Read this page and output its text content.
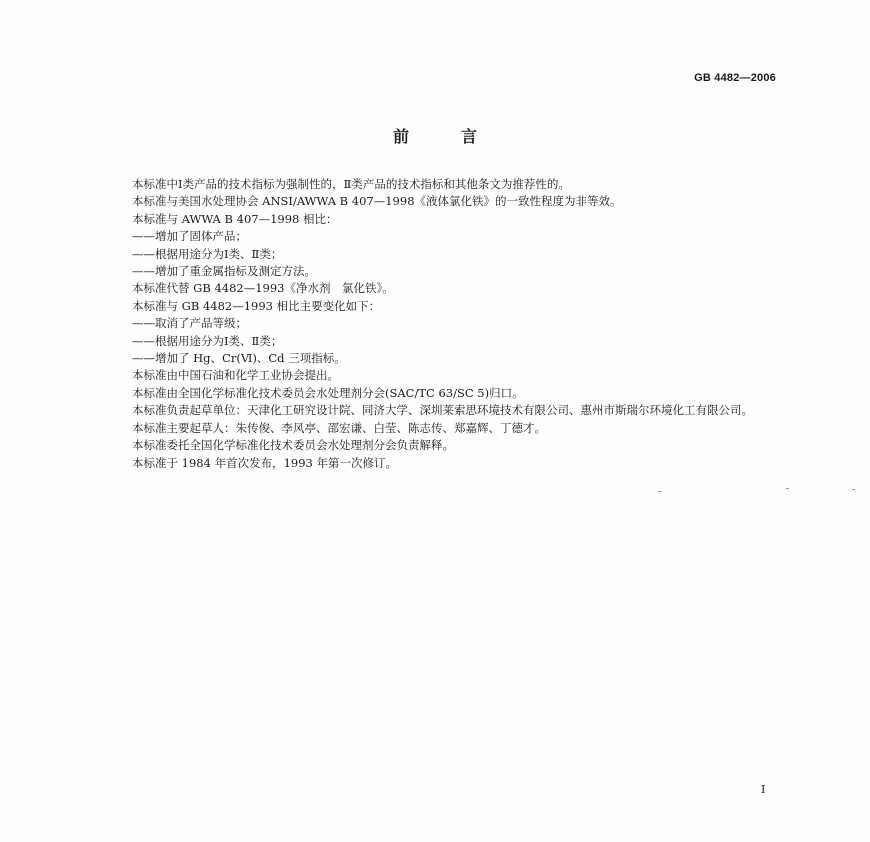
GB 4482—2006
前言

本标准中Ⅰ类产品的技术指标为强制性的，Ⅱ类产品的技术指标和其他条文为推荐性的。

本标准与美国水处理协会 ANSI/AWWA B 407—1998《液体氯化铁》的一致性程度为非等效。

本标准与 AWWA B 407—1998 相比：

——增加了固体产品；

——根据用途分为Ⅰ类、Ⅱ类；

——增加了重金属指标及测定方法。

本标准代替 GB 4482—1993《净水剂　氯化铁》。

本标准与 GB 4482—1993 相比主要变化如下：

——取消了产品等级；

——根据用途分为Ⅰ类、Ⅱ类；

——增加了 Hg、Cr(Ⅵ)、Cd 三项指标。

本标准由中国石油和化学工业协会提出。

本标准由全国化学标准化技术委员会水处理剂分会(SAC/TC 63/SC 5)归口。

本标准负责起草单位：天津化工研究设计院、同济大学、深圳莱索思环境技术有限公司、惠州市斯瑞尔环境化工有限公司。

本标准主要起草人：朱传俊、李风亭、邵宏谦、白莹、陈志传、郑嘉辉、丁德才。

本标准委托全国化学标准化技术委员会水处理剂分会负责解释。

本标准于 1984 年首次发布，1993 年第一次修订。

I
